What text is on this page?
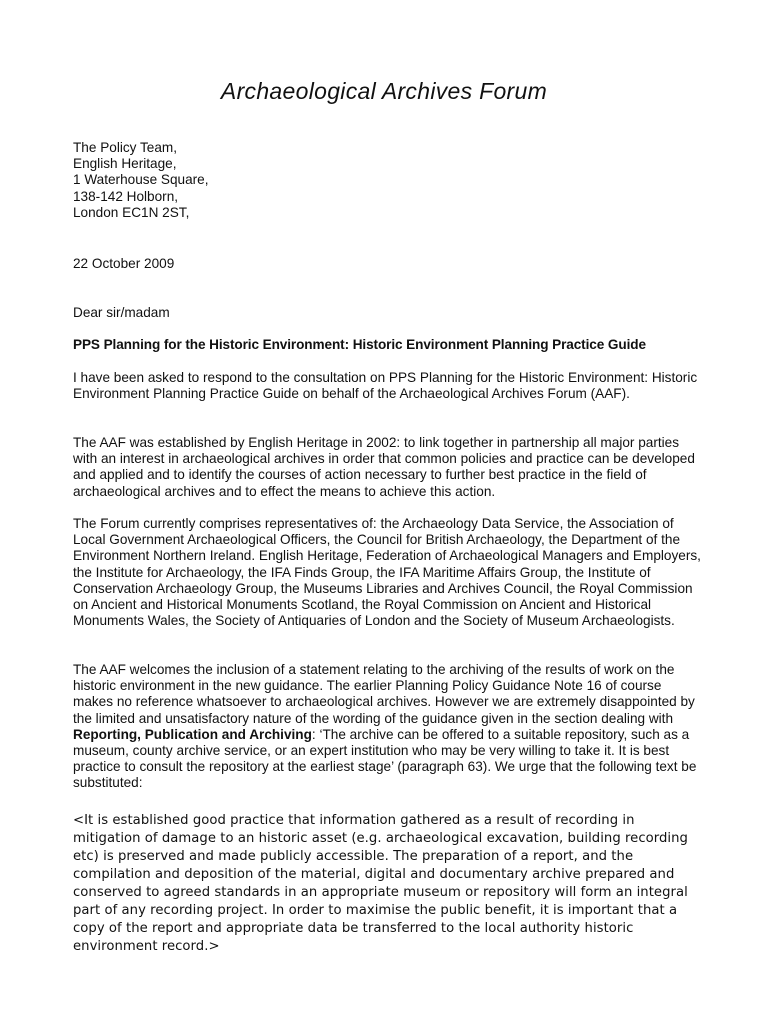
Archaeological Archives Forum
The Policy Team,
English Heritage,
1 Waterhouse Square,
138-142 Holborn,
London EC1N 2ST,
22 October 2009
Dear sir/madam
PPS Planning for the Historic Environment: Historic Environment Planning Practice Guide

I have been asked to respond to the consultation on PPS Planning for the Historic Environment: Historic Environment Planning Practice Guide on behalf of the Archaeological Archives Forum (AAF).

The AAF was established by English Heritage in 2002: to link together in partnership all major parties with an interest in archaeological archives in order that common policies and practice can be developed and applied and to identify the courses of action necessary to further best practice in the field of archaeological archives and to effect the means to achieve this action.

The Forum currently comprises representatives of: the Archaeology Data Service, the Association of Local Government Archaeological Officers, the Council for British Archaeology, the Department of the Environment Northern Ireland. English Heritage, Federation of Archaeological Managers and Employers, the Institute for Archaeology, the IFA Finds Group, the IFA Maritime Affairs Group, the Institute of Conservation Archaeology Group, the Museums Libraries and Archives Council, the Royal Commission on Ancient and Historical Monuments Scotland, the Royal Commission on Ancient and Historical Monuments Wales, the Society of Antiquaries of London and the Society of Museum Archaeologists.

The AAF welcomes the inclusion of a statement relating to the archiving of the results of work on the historic environment in the new guidance. The earlier Planning Policy Guidance Note 16 of course makes no reference whatsoever to archaeological archives. However we are extremely disappointed by the limited and unsatisfactory nature of the wording of the guidance given in the section dealing with Reporting, Publication and Archiving: ‘The archive can be offered to a suitable repository, such as a museum, county archive service, or an expert institution who may be very willing to take it. It is best practice to consult the repository at the earliest stage’ (paragraph 63). We urge that the following text be substituted:

<It is established good practice that information gathered as a result of recording in mitigation of damage to an historic asset (e.g. archaeological excavation, building recording etc) is preserved and made publicly accessible. The preparation of a report, and the compilation and deposition of the material, digital and documentary archive prepared and conserved to agreed standards in an appropriate museum or repository will form an integral part of any recording project. In order to maximise the public benefit, it is important that a copy of the report and appropriate data be transferred to the local authority historic environment record.>
